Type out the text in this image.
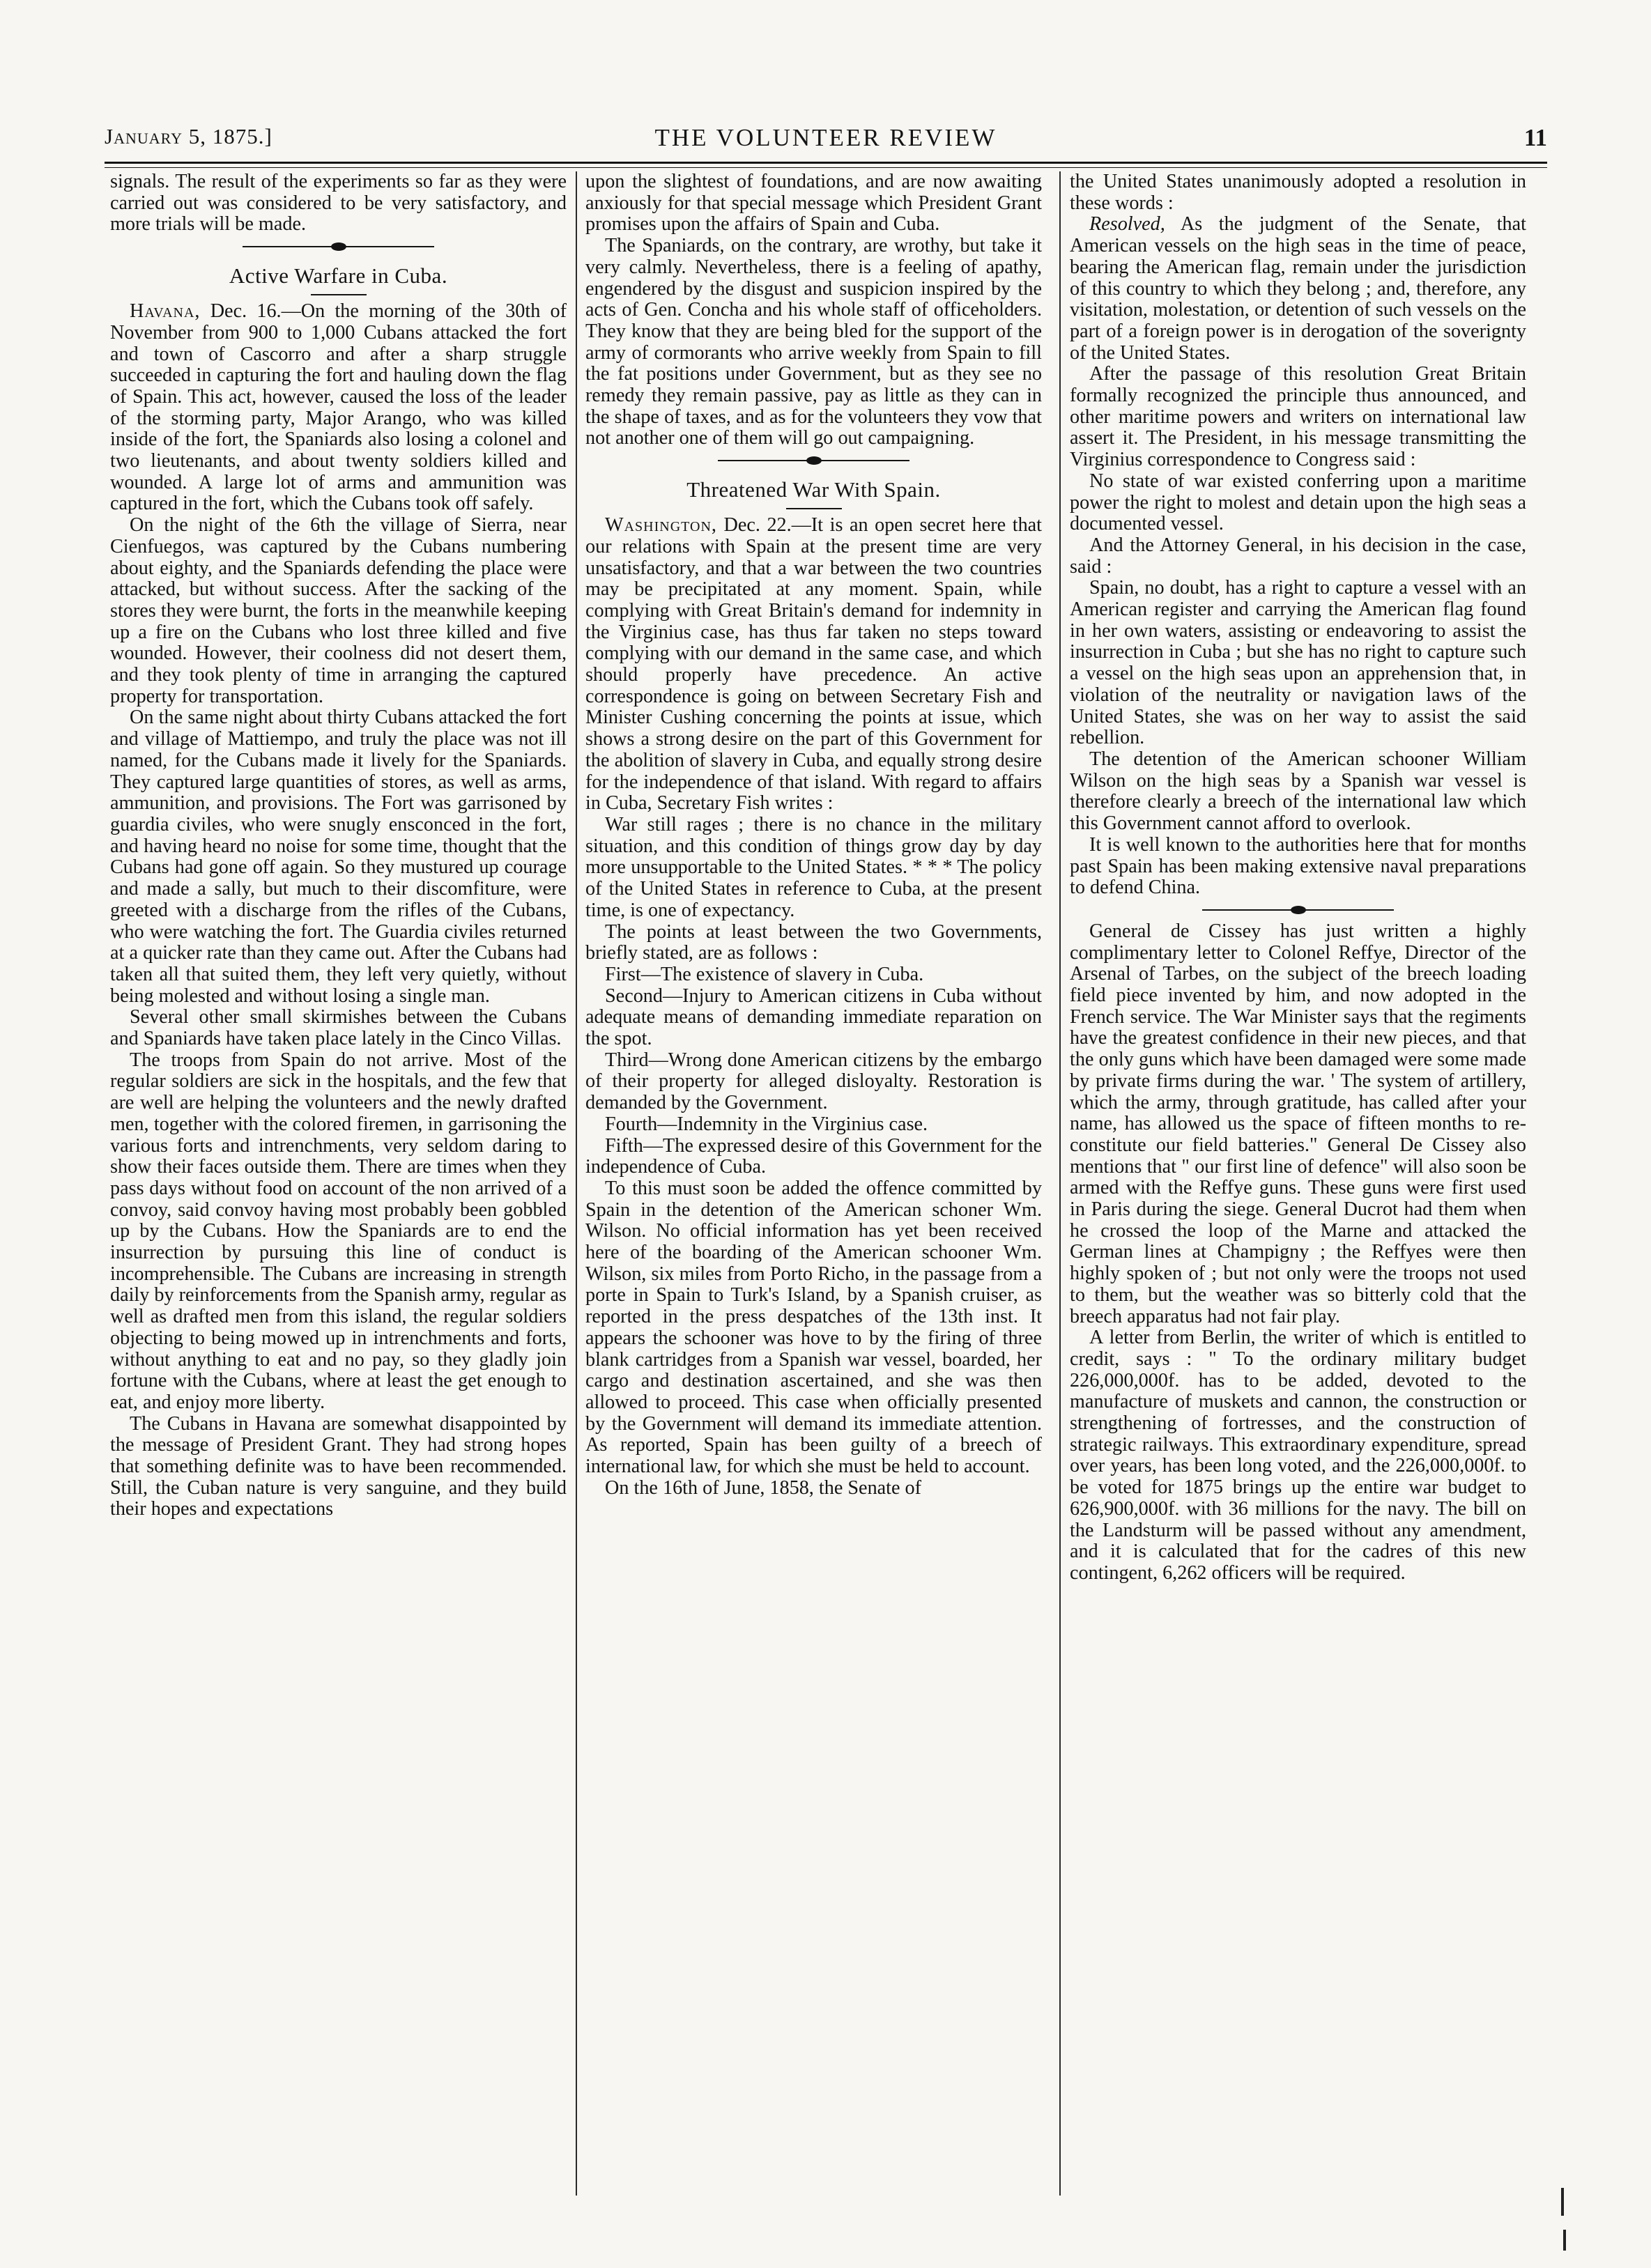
January 5, 1875.]	THE VOLUNTEER REVIEW	11

signals. The result of the experiments so far as they were carried out was considered to be very satisfactory, and more trials will be made.

Active Warfare in Cuba.

Havana, Dec. 16.—On the morning of the 30th of November from 900 to 1,000 Cubans attacked the fort and town of Cascorro and after a sharp struggle succeeded in capturing the fort and hauling down the flag of Spain. This act, however, caused the loss of the leader of the storming party, Major Arango, who was killed inside of the fort, the Spaniards also losing a colonel and two lieutenants, and about twenty soldiers killed and wounded. A large lot of arms and ammunition was captured in the fort, which the Cubans took off safely.

On the night of the 6th the village of Sierra, near Cienfuegos, was captured by the Cubans numbering about eighty, and the Spaniards defending the place were attacked, but without success. After the sacking of the stores they were burnt, the forts in the meanwhile keeping up a fire on the Cubans who lost three killed and five wounded. However, their coolness did not desert them, and they took plenty of time in arranging the captured property for transportation.

On the same night about thirty Cubans attacked the fort and village of Mattiempo, and truly the place was not ill named, for the Cubans made it lively for the Spaniards. They captured large quantities of stores, as well as arms, ammunition, and provisions. The Fort was garrisoned by guardia civiles, who were snugly ensconced in the fort, and having heard no noise for some time, thought that the Cubans had gone off again. So they mustured up courage and made a sally, but much to their discomfiture, were greeted with a discharge from the rifles of the Cubans, who were watching the fort. The Guardia civiles returned at a quicker rate than they came out. After the Cubans had taken all that suited them, they left very quietly, without being molested and without losing a single man.

Several other small skirmishes between the Cubans and Spaniards have taken place lately in the Cinco Villas.

The troops from Spain do not arrive. Most of the regular soldiers are sick in the hospitals, and the few that are well are helping the volunteers and the newly drafted men, together with the colored firemen, in garrisoning the various forts and intrenchments, very seldom daring to show their faces outside them. There are times when they pass days without food on account of the non arrived of a convoy, said convoy having most probably been gobbled up by the Cubans. How the Spaniards are to end the insurrection by pursuing this line of conduct is incomprehensible. The Cubans are increasing in strength daily by reinforcements from the Spanish army, regular as well as drafted men from this island, the regular soldiers objecting to being mowed up in intrenchments and forts, without anything to eat and no pay, so they gladly join fortune with the Cubans, where at least the get enough to eat, and enjoy more liberty.

The Cubans in Havana are somewhat disappointed by the message of President Grant. They had strong hopes that something definite was to have been recommended. Still, the Cuban nature is very sanguine, and they build their hopes and expectations

upon the slightest of foundations, and are now awaiting anxiously for that special message which President Grant promises upon the affairs of Spain and Cuba.

The Spaniards, on the contrary, are wrothy, but take it very calmly. Nevertheless, there is a feeling of apathy, engendered by the disgust and suspicion inspired by the acts of Gen. Concha and his whole staff of officeholders. They know that they are being bled for the support of the army of cormorants who arrive weekly from Spain to fill the fat positions under Government, but as they see no remedy they remain passive, pay as little as they can in the shape of taxes, and as for the volunteers they vow that not another one of them will go out campaigning.

Threatened War With Spain.

Washington, Dec. 22.—It is an open secret here that our relations with Spain at the present time are very unsatisfactory, and that a war between the two countries may be precipitated at any moment. Spain, while complying with Great Britain's demand for indemnity in the Virginius case, has thus far taken no steps toward complying with our demand in the same case, and which should properly have precedence. An active correspondence is going on between Secretary Fish and Minister Cushing concerning the points at issue, which shows a strong desire on the part of this Government for the abolition of slavery in Cuba, and equally strong desire for the independence of that island. With regard to affairs in Cuba, Secretary Fish writes :

War still rages ; there is no chance in the military situation, and this condition of things grow day by day more unsupportable to the United States. * * * The policy of the United States in reference to Cuba, at the present time, is one of expectancy.

The points at least between the two Governments, briefly stated, are as follows :

First—The existence of slavery in Cuba.

Second—Injury to American citizens in Cuba without adequate means of demanding immediate reparation on the spot.

Third—Wrong done American citizens by the embargo of their property for alleged disloyalty. Restoration is demanded by the Government.

Fourth—Indemnity in the Virginius case.

Fifth—The expressed desire of this Government for the independence of Cuba.

To this must soon be added the offence committed by Spain in the detention of the American schoner Wm. Wilson. No official information has yet been received here of the boarding of the American schooner Wm. Wilson, six miles from Porto Richo, in the passage from a porte in Spain to Turk's Island, by a Spanish cruiser, as reported in the press despatches of the 13th inst. It appears the schooner was hove to by the firing of three blank cartridges from a Spanish war vessel, boarded, her cargo and destination ascertained, and she was then allowed to proceed. This case when officially presented by the Government will demand its immediate attention. As reported, Spain has been guilty of a breech of international law, for which she must be held to account.

On the 16th of June, 1858, the Senate of

the United States unanimously adopted a resolution in these words :

Resolved, As the judgment of the Senate, that American vessels on the high seas in the time of peace, bearing the American flag, remain under the jurisdiction of this country to which they belong ; and, therefore, any visitation, molestation, or detention of such vessels on the part of a foreign power is in derogation of the soverignty of the United States.

After the passage of this resolution Great Britain formally recognized the principle thus announced, and other maritime powers and writers on international law assert it. The President, in his message transmitting the Virginius correspondence to Congress said :

No state of war existed conferring upon a maritime power the right to molest and detain upon the high seas a documented vessel.

And the Attorney General, in his decision in the case, said :

Spain, no doubt, has a right to capture a vessel with an American register and carrying the American flag found in her own waters, assisting or endeavoring to assist the insurrection in Cuba ; but she has no right to capture such a vessel on the high seas upon an apprehension that, in violation of the neutrality or navigation laws of the United States, she was on her way to assist the said rebellion.

The detention of the American schooner William Wilson on the high seas by a Spanish war vessel is therefore clearly a breech of the international law which this Government cannot afford to overlook.

It is well known to the authorities here that for months past Spain has been making extensive naval preparations to defend China.

General de Cissey has just written a highly complimentary letter to Colonel Reffye, Director of the Arsenal of Tarbes, on the subject of the breech loading field piece invented by him, and now adopted in the French service. The War Minister says that the regiments have the greatest confidence in their new pieces, and that the only guns which have been damaged were some made by private firms during the war. ' The system of artillery, which the army, through gratitude, has called after your name, has allowed us the space of fifteen months to re-constitute our field batteries." General De Cissey also mentions that " our first line of defence" will also soon be armed with the Reffye guns. These guns were first used in Paris during the siege. General Ducrot had them when he crossed the loop of the Marne and attacked the German lines at Champigny ; the Reffyes were then highly spoken of ; but not only were the troops not used to them, but the weather was so bitterly cold that the breech apparatus had not fair play.

A letter from Berlin, the writer of which is entitled to credit, says : " To the ordinary military budget 226,000,000f. has to be added, devoted to the manufacture of muskets and cannon, the construction or strengthening of fortresses, and the construction of strategic railways. This extraordinary expenditure, spread over years, has been long voted, and the 226,000,000f. to be voted for 1875 brings up the entire war budget to 626,900,000f. with 36 millions for the navy. The bill on the Landsturm will be passed without any amendment, and it is calculated that for the cadres of this new contingent, 6,262 officers will be required.
